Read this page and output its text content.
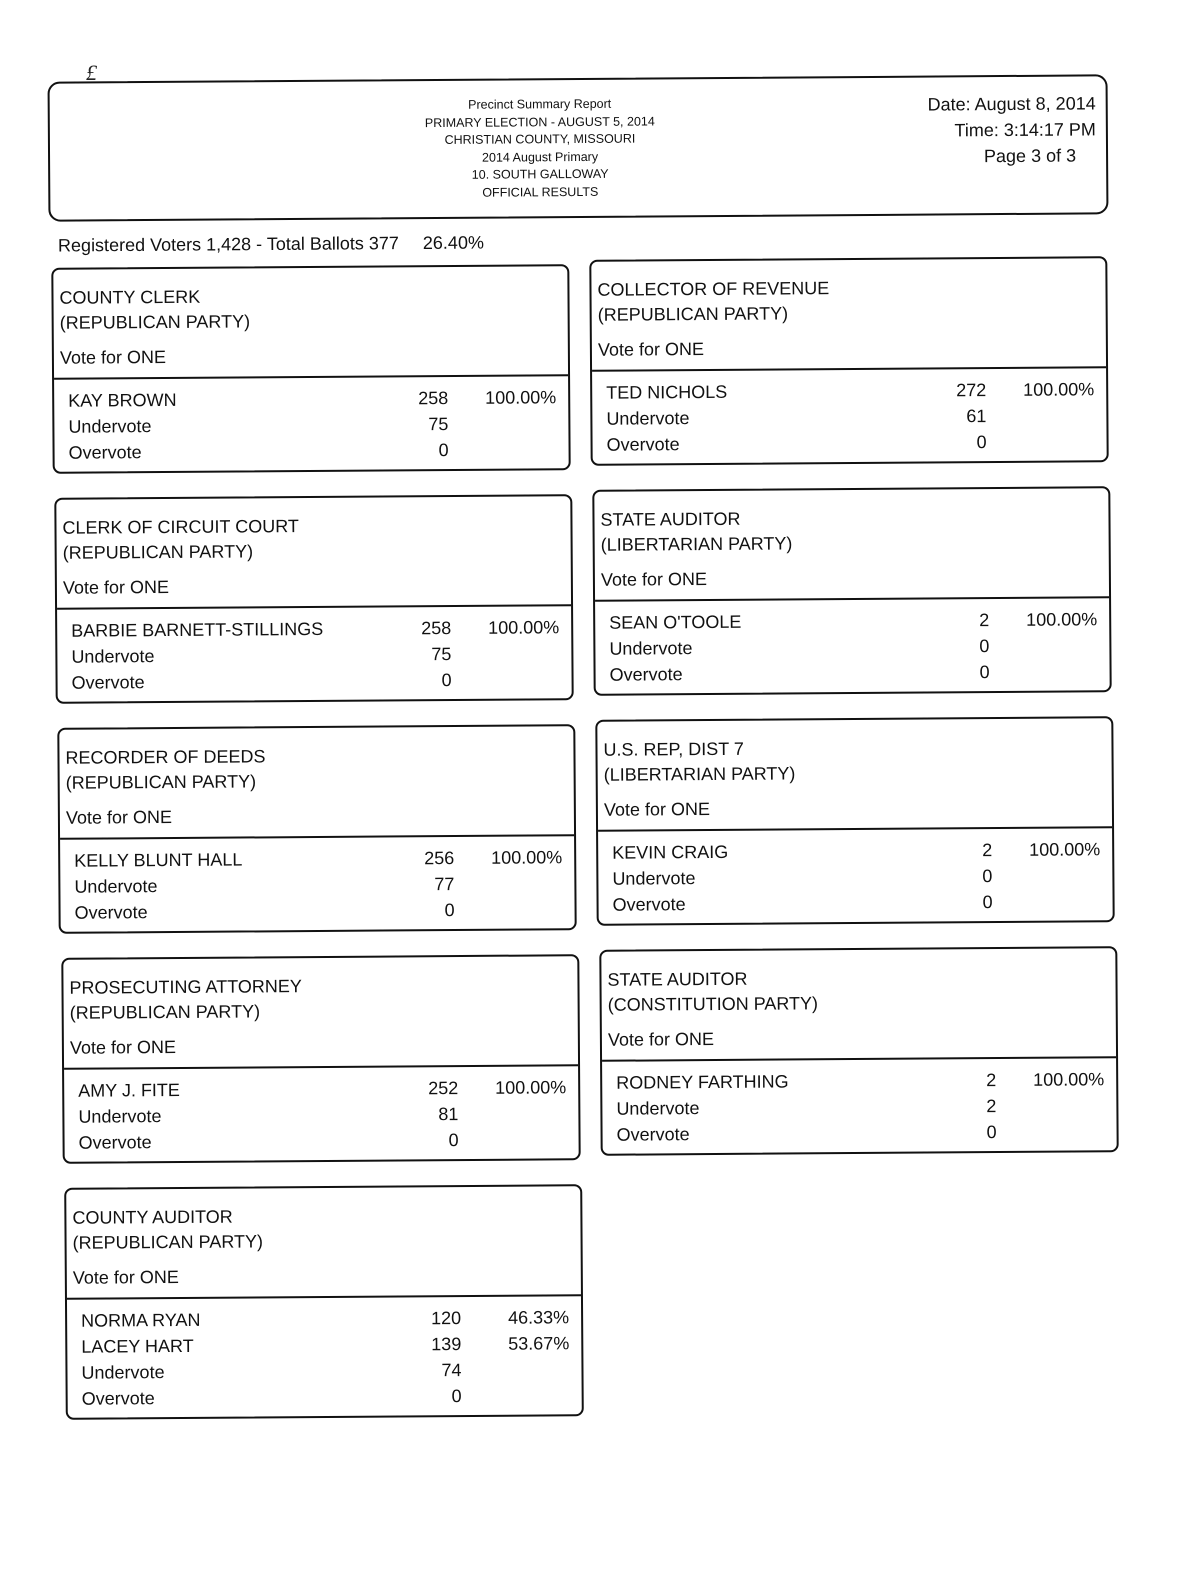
£
Precinct Summary Report
PRIMARY ELECTION - AUGUST 5, 2014
CHRISTIAN COUNTY, MISSOURI
2014 August Primary
10. SOUTH GALLOWAY
OFFICIAL RESULTS
Date: August 8, 2014
Time: 3:14:17 PM
Page 3 of 3
Registered Voters 1,428 - Total Ballots 377 26.40%
COUNTY CLERK
(REPUBLICAN PARTY)
Vote for ONE
KAY BROWN	258 100.00%
Undervote	75
Overvote	0
COLLECTOR OF REVENUE
(REPUBLICAN PARTY)
Vote for ONE
TED NICHOLS	272 100.00%
Undervote	61
Overvote	0
CLERK OF CIRCUIT COURT
(REPUBLICAN PARTY)
Vote for ONE
BARBIE BARNETT-STILLINGS	258 100.00%
Undervote	75
Overvote	0
STATE AUDITOR
(LIBERTARIAN PARTY)
Vote for ONE
SEAN O'TOOLE	2 100.00%
Undervote	0
Overvote	0
RECORDER OF DEEDS
(REPUBLICAN PARTY)
Vote for ONE
KELLY BLUNT HALL	256 100.00%
Undervote	77
Overvote	0
U.S. REP, DIST 7
(LIBERTARIAN PARTY)
Vote for ONE
KEVIN CRAIG	2 100.00%
Undervote	0
Overvote	0
PROSECUTING ATTORNEY
(REPUBLICAN PARTY)
Vote for ONE
AMY J. FITE	252 100.00%
Undervote	81
Overvote	0
STATE AUDITOR
(CONSTITUTION PARTY)
Vote for ONE
RODNEY FARTHING	2 100.00%
Undervote	2
Overvote	0
COUNTY AUDITOR
(REPUBLICAN PARTY)
Vote for ONE
NORMA RYAN	120	46.33%
LACEY HART	139	53.67%
Undervote	74
Overvote	0
